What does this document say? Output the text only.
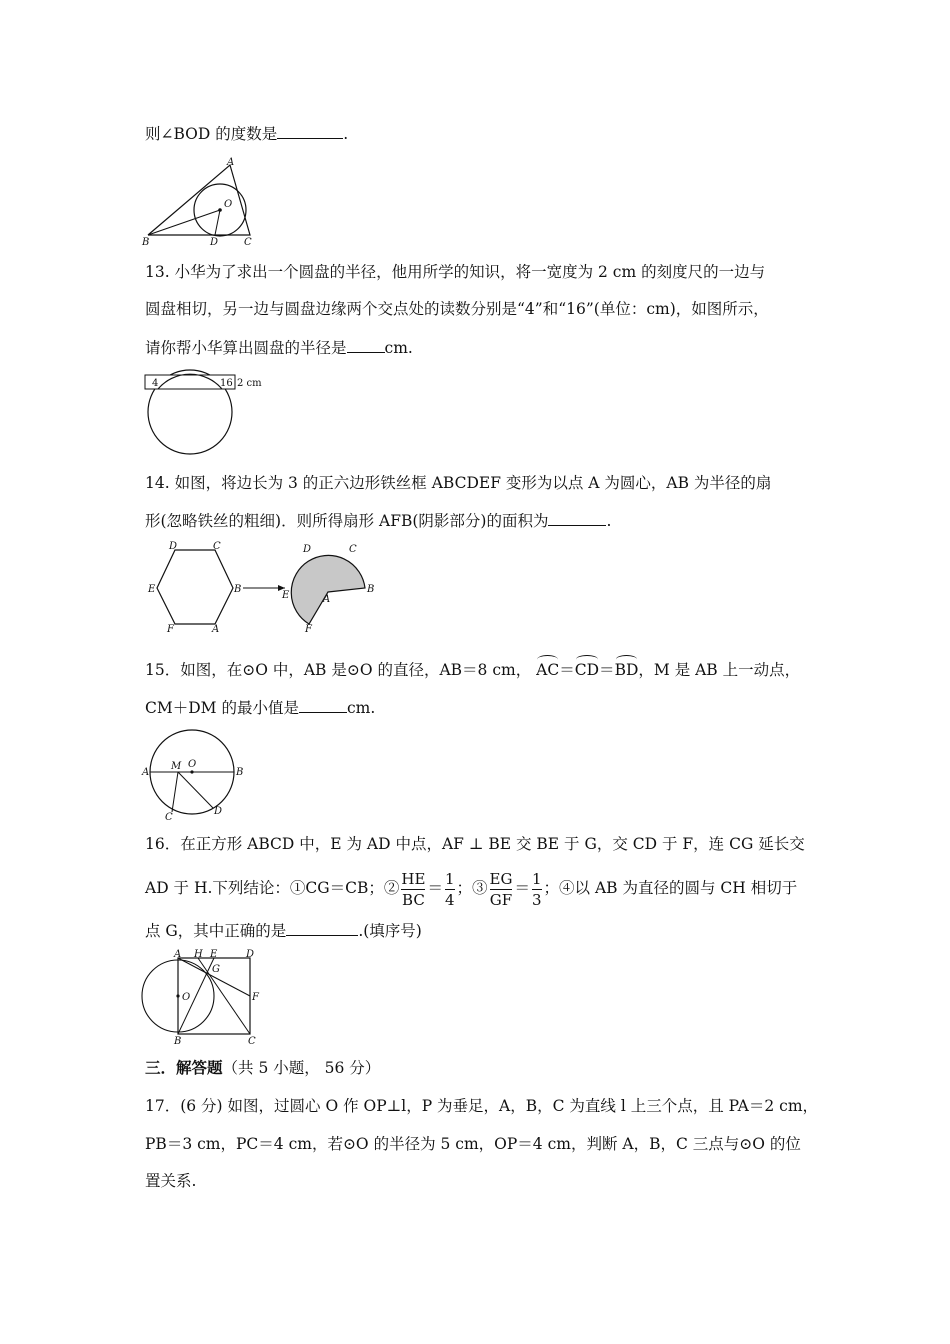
则∠BOD 的度数是	.
A
O
B	D	C
13. 小华为了求出一个圆盘的半径，他用所学的知识，将一宽度为 2 cm 的刻度尺的一边与
圆盘相切，另一边与圆盘边缘两个交点处的读数分别是“4”和“16”(单位：cm)，如图所示，
请你帮小华算出圆盘的半径是 cm.
4	16 2 cm
14. 如图，将边长为 3 的正六边形铁丝框 ABCDEF 变形为以点 A 为圆心，AB 为半径的扇
形(忽略铁丝的粗细)．则所得扇形 AFB(阴影部分)的面积为	.
D	C
E	B
F	A
D	C
E
B
A
F
15．如图，在⊙O 中，AB 是⊙O 的直径，AB＝8 cm， AC＝CD＝BD，M 是 AB 上一动点，
CM＋DM 的最小值是	cm.
A
M O
B
C
D
16．在正方形 ABCD 中，E 为 AD 中点，AF ⊥ BE 交 BE 于 G，交 CD 于 F，连 CG 延长交
AD 于 H.下列结论：①CG＝CB；② $\frac{HE}{BC} = \frac{1}{4}$ ；③ $\frac{EG}{GF} = \frac{1}{3}$ ；④以 AB 为直径的圆与 CH 相切于
点 G，其中正确的是	.(填序号)
A H E	D
G
O	F
B	C
三．解答题（共 5 小题， 56 分）
17．(6 分) 如图，过圆心 O 作 OP⊥l，P 为垂足，A，B，C 为直线 l 上三个点，且 PA＝2 cm，
PB＝3 cm，PC＝4 cm，若⊙O 的半径为 5 cm，OP＝4 cm，判断 A，B，C 三点与⊙O 的位
置关系.
